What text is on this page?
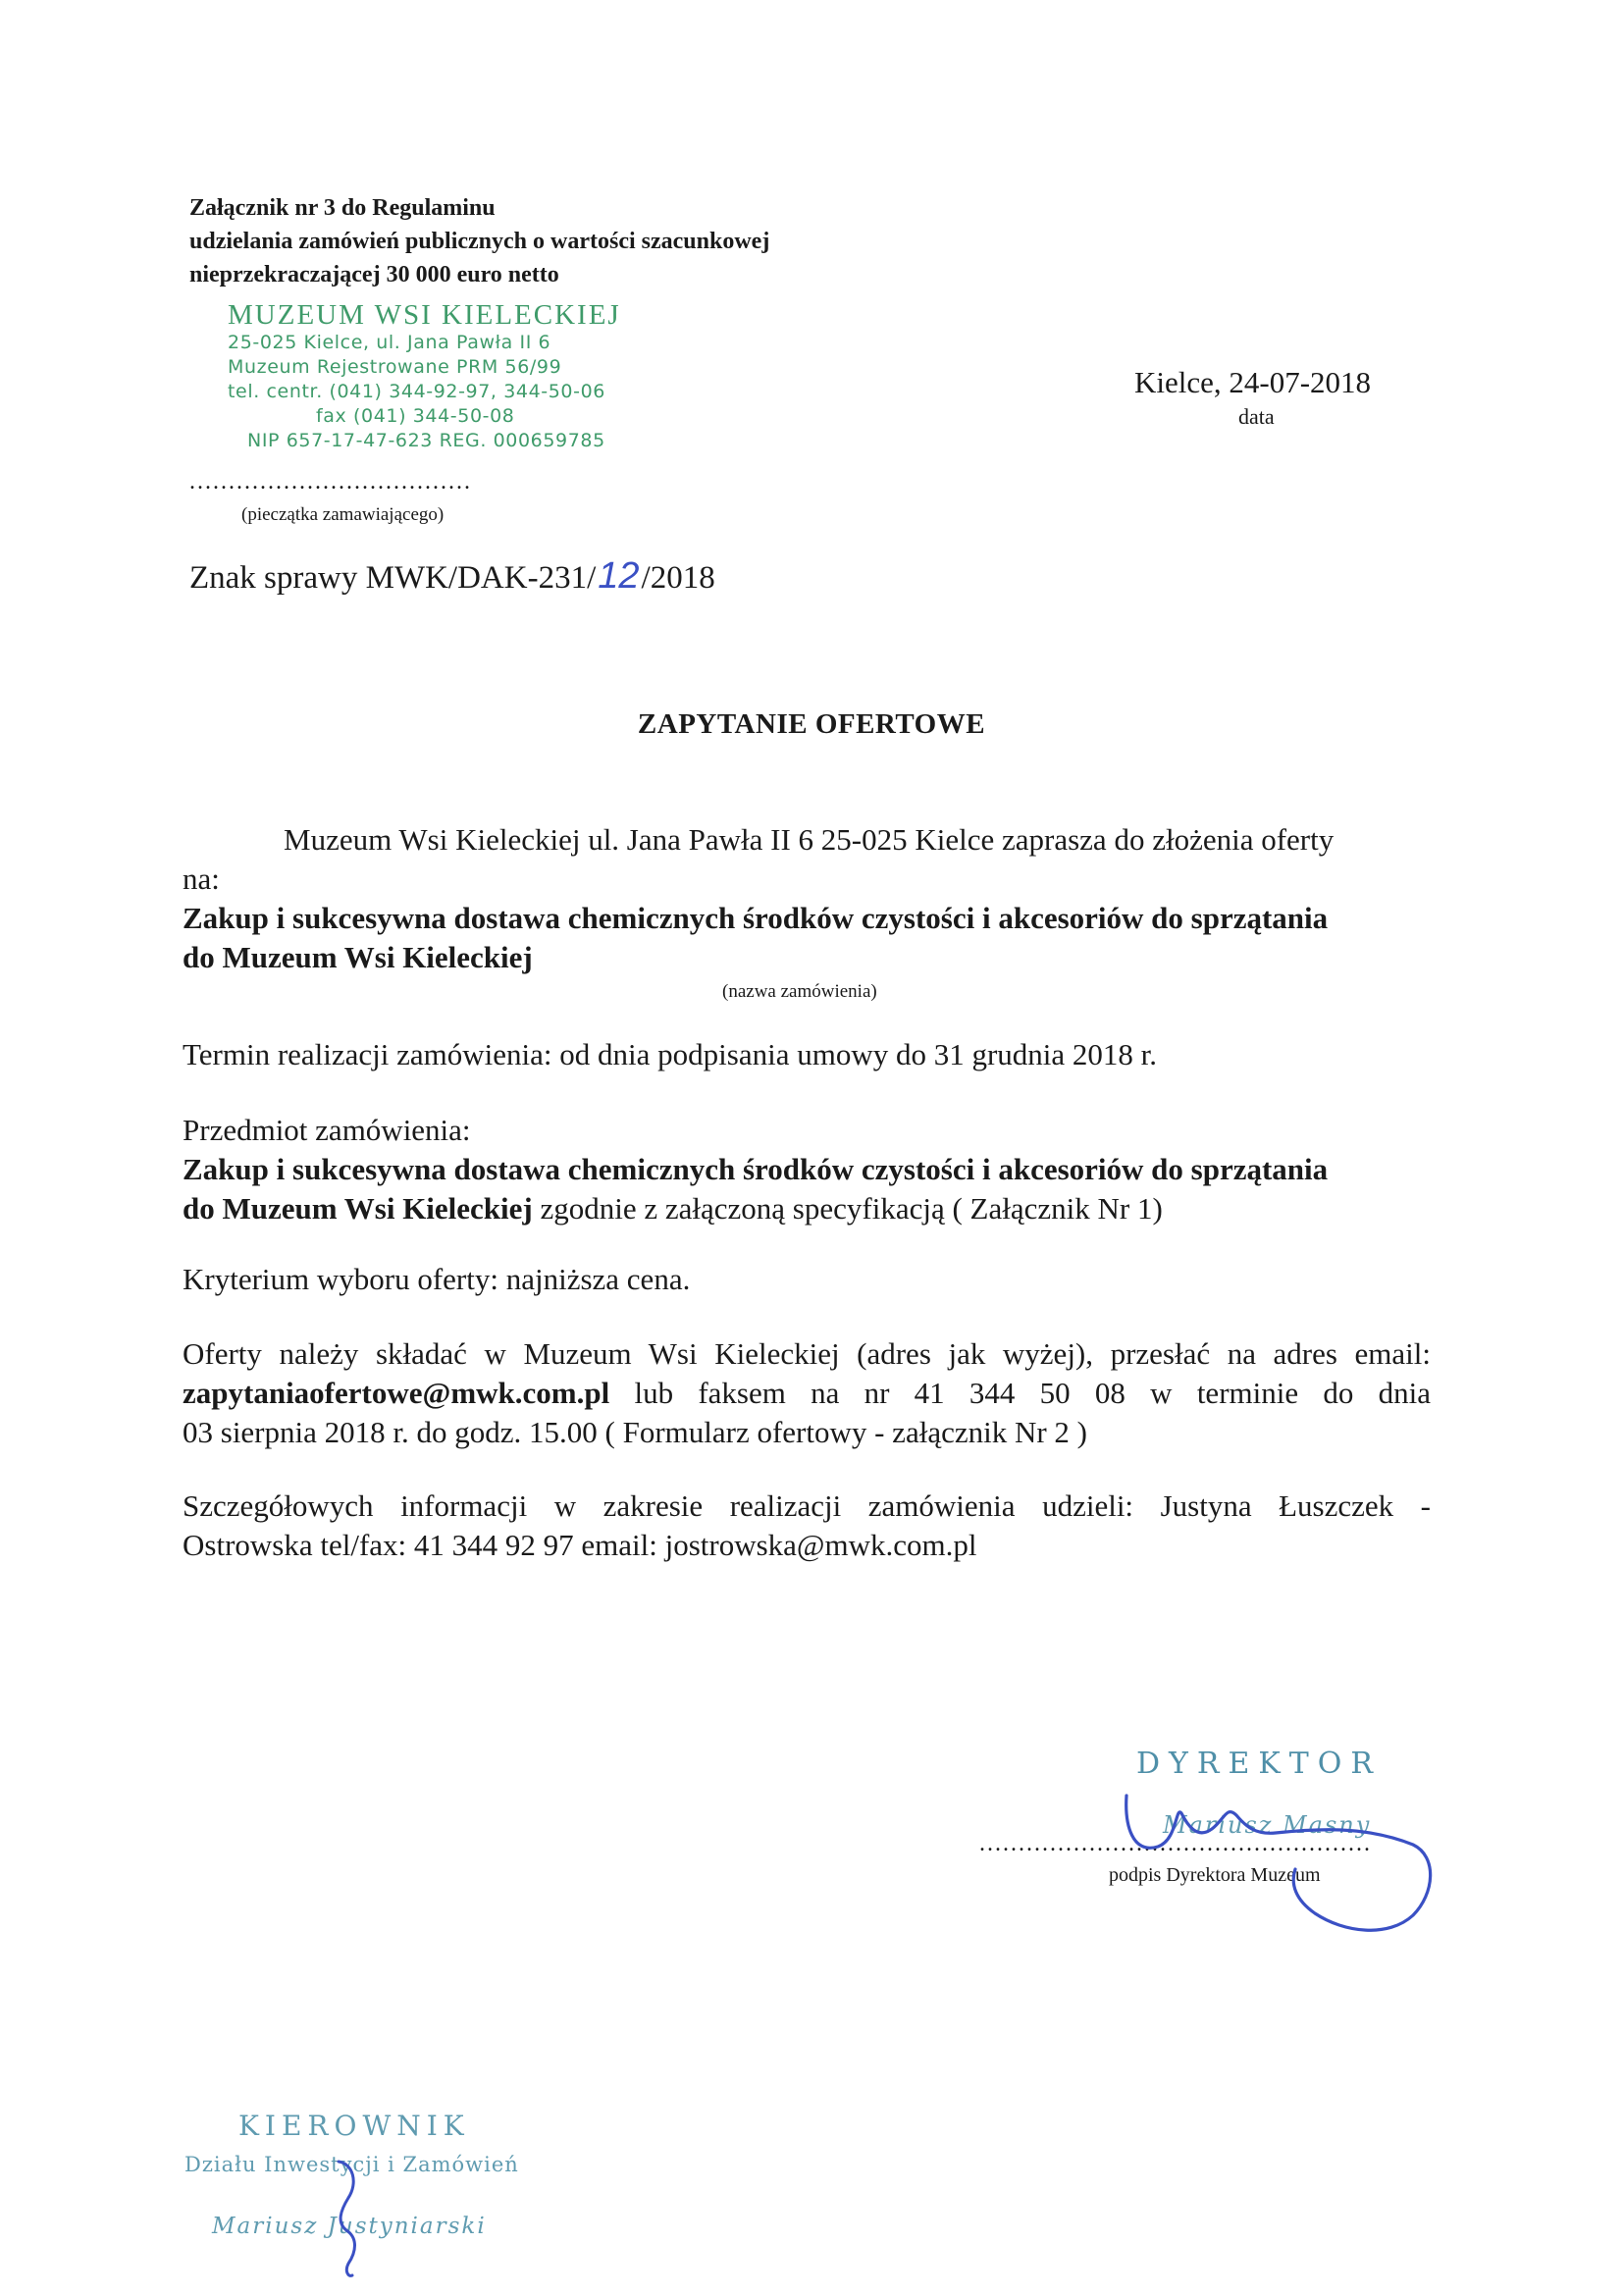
Załącznik nr 3 do Regulaminu
udzielania zamówień publicznych o wartości szacunkowej
nieprzekraczającej 30 000 euro netto
MUZEUM WSI KIELECKIEJ
25-025 Kielce, ul. Jana Pawła II 6
Muzeum Rejestrowane PRM 56/99
tel. centr. (041) 344-92-97, 344-50-06
fax (041) 344-50-08
NIP 657-17-47-623 REG. 000659785
....................................
(pieczątka zamawiającego)
Kielce, 24-07-2018
data
Znak sprawy MWK/DAK-231/12/2018
ZAPYTANIE OFERTOWE
Muzeum Wsi Kieleckiej ul. Jana Pawła II 6 25-025 Kielce zaprasza do złożenia oferty
na:
Zakup i sukcesywna dostawa chemicznych środków czystości i akcesoriów do sprzątania
do Muzeum Wsi Kieleckiej
(nazwa zamówienia)
Termin realizacji zamówienia: od dnia podpisania umowy do 31 grudnia 2018 r.
Przedmiot zamówienia:
Zakup i sukcesywna dostawa chemicznych środków czystości i akcesoriów do sprzątania
do Muzeum Wsi Kieleckiej zgodnie z załączoną specyfikacją ( Załącznik Nr 1)
Kryterium wyboru oferty: najniższa cena.
Oferty należy składać w Muzeum Wsi Kieleckiej (adres jak wyżej), przesłać na adres email:
zapytaniaofertowe@mwk.com.pl lub faksem na nr 41 344 50 08 w terminie do dnia
03 sierpnia 2018 r. do godz. 15.00 ( Formularz ofertowy - załącznik Nr 2 )
Szczegółowych informacji w zakresie realizacji zamówienia udzieli: Justyna Łuszczek -
Ostrowska tel/fax: 41 344 92 97 email: jostrowska@mwk.com.pl
DYREKTOR
Mariusz Masny
..................................................
podpis Dyrektora Muzeum
KIEROWNIK
Działu Inwestycji i Zamówień
Mariusz Justyniarski
